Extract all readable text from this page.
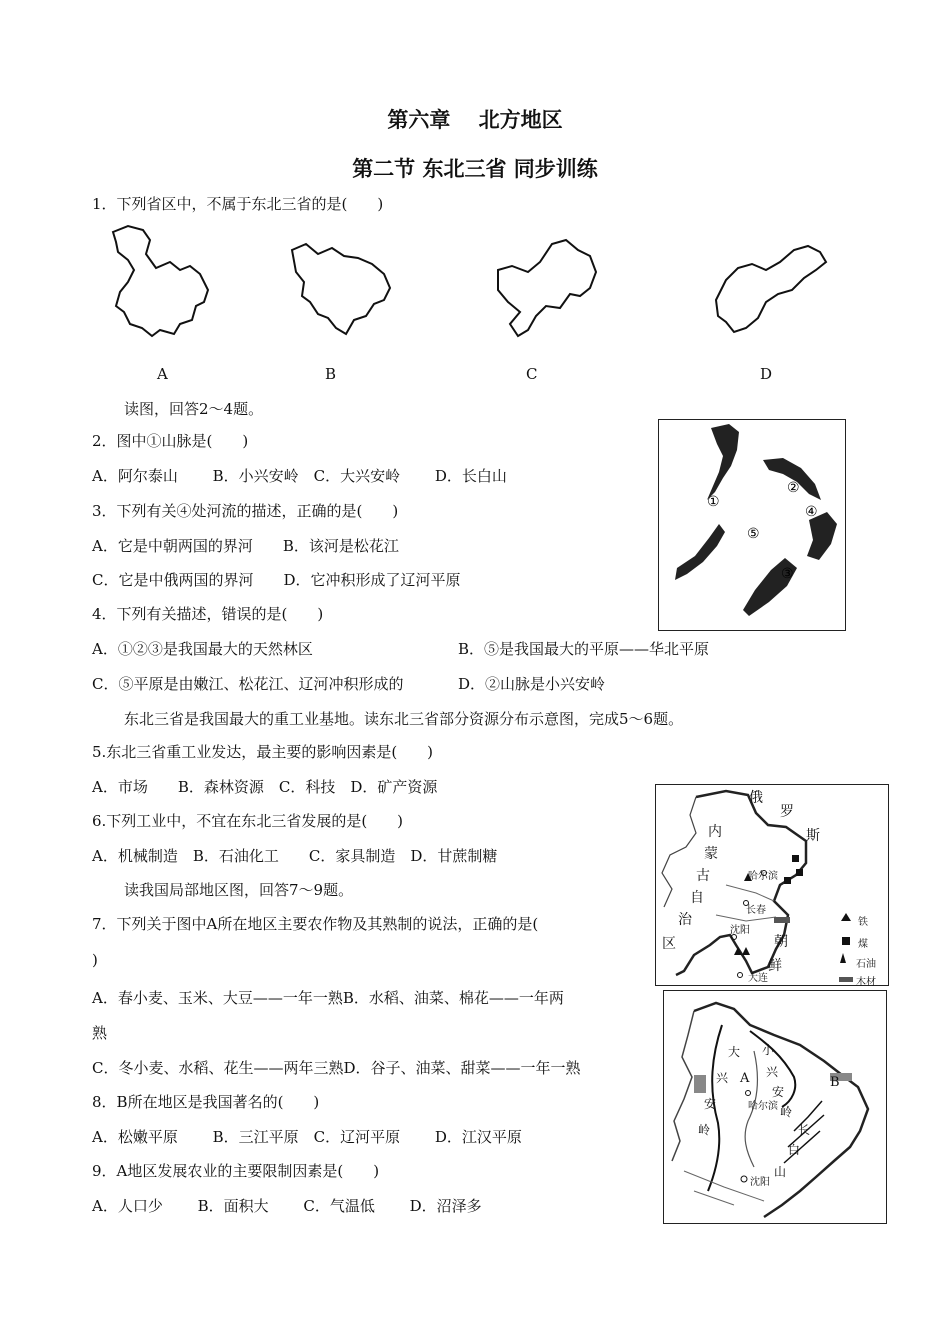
第六章　 北方地区
第二节 东北三省 同步训练
1．下列省区中，不属于东北三省的是(　　)
A	B	C	D
读图，回答2～4题。
2．图中①山脉是(　　)
A．阿尔泰山　　 B．小兴安岭　C．大兴安岭　　 D．长白山
3．下列有关④处河流的描述，正确的是(　　)
A．它是中朝两国的界河　　B．该河是松花江
C．它是中俄两国的界河　　D．它冲积形成了辽河平原
4．下列有关描述，错误的是(　　)
A．①②③是我国最大的天然林区	B．⑤是我国最大的平原——华北平原
C．⑤平原是由嫩江、松花江、辽河冲积形成的	D．②山脉是小兴安岭
①
②
③
④
⑤
东北三省是我国最大的重工业基地。读东北三省部分资源分布示意图，完成5～6题。
5.东北三省重工业发达，最主要的影响因素是(　　)
A．市场　　B．森林资源　C．科技　D．矿产资源
6.下列工业中，不宜在东北三省发展的是(　　)
A．机械制造　B．石油化工　　C．家具制造　D．甘蔗制糖
俄
罗
斯
内
蒙
古
自
治
区	朝
鲜
哈尔滨
长春
沈阳
大连
铁
煤
石油
木材
读我国局部地区图，回答7～9题。
7．下列关于图中A所在地区主要农作物及其熟制的说法，正确的是(
)
A．春小麦、玉米、大豆——一年一熟B．水稻、油菜、棉花——一年两
熟
C．冬小麦、水稻、花生——两年三熟D．谷子、油菜、甜菜——一年一熟
8．B所在地区是我国著名的(　　)
A．松嫩平原　　 B．三江平原　C．辽河平原　　 D．江汉平原
9．A地区发展农业的主要限制因素是(　　)
A．人口少　　 B．面积大　　 C．气温低　　 D．沼泽多
大
兴
安
岭
小
兴
安
岭
长
白
山
A	B
哈尔滨
沈阳
